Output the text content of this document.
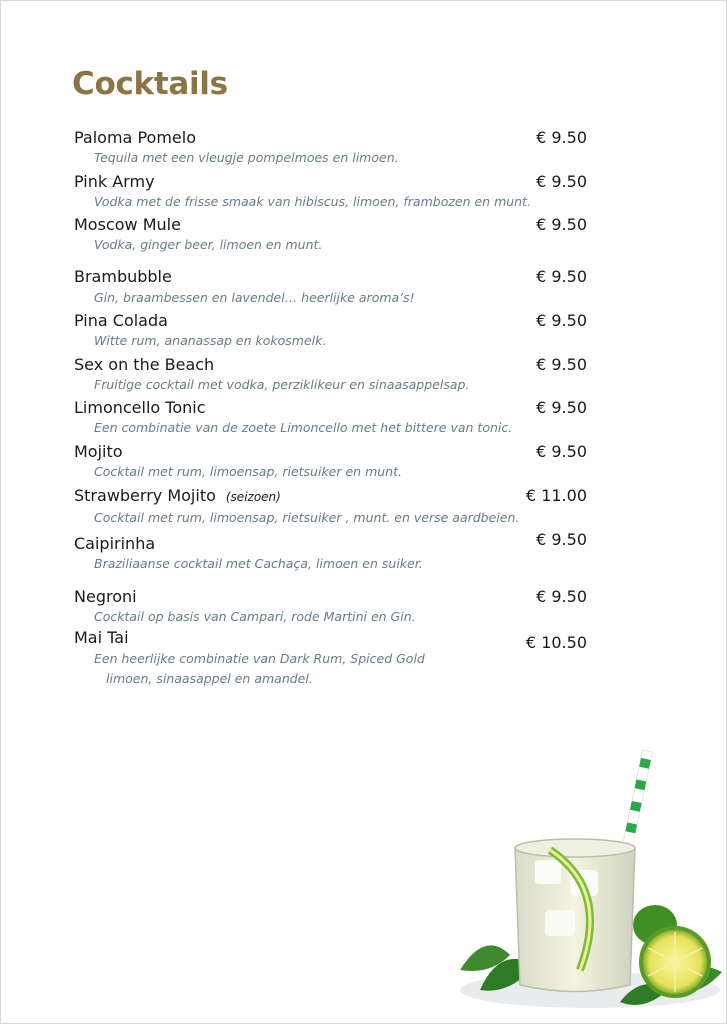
Cocktails
Paloma Pomelo	€ 9.50
Tequila met een vleugje pompelmoes en limoen.
Pink Army	€ 9.50
Vodka met de frisse smaak van hibiscus, limoen, frambozen en munt.
Moscow Mule	€ 9.50
Vodka, ginger beer, limoen en munt.
Brambubble	€ 9.50
Gin, braambessen en lavendel… heerlijke aroma’s!
Pina Colada	€ 9.50
Witte rum, ananassap en kokosmelk.
Sex on the Beach	€ 9.50
Fruitige cocktail met vodka, perziklikeur en sinaasappelsap.
Limoncello Tonic	€ 9.50
Een combinatie van de zoete Limoncello met het bittere van tonic.
Mojito	€ 9.50
Cocktail met rum, limoensap, rietsuiker en munt.
Strawberry Mojito (seizoen)	€ 11.00
Cocktail met rum, limoensap, rietsuiker , munt. en verse aardbeien.
Caipirinha	€ 9.50
Braziliaanse cocktail met Cachaça, limoen en suiker.
Negroni	€ 9.50
Cocktail op basis van Campari, rode Martini en Gin.
Mai Tai	€ 10.50
Een heerlijke combinatie van Dark Rum, Spiced Gold
limoen, sinaasappel en amandel.
